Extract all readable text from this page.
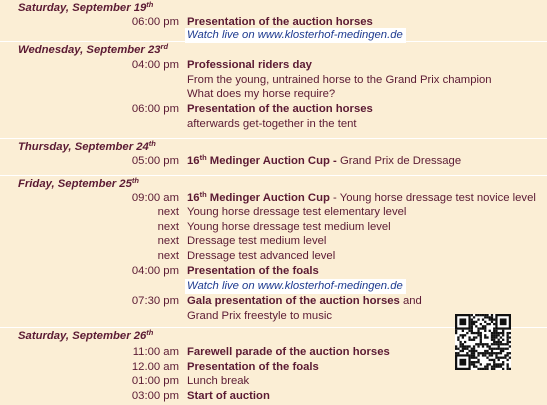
Saturday, September 19th
06:00 pm Presentation of the auction horses
Watch live on www.klosterhof-medingen.de
Wednesday, September 23rd
04:00 pm Professional riders day
From the young, untrained horse to the Grand Prix champion
What does my horse require?
06:00 pm Presentation of the auction horses
afterwards get-together in the tent
Thursday, September 24th
05:00 pm 16th Medinger Auction Cup - Grand Prix de Dressage
Friday, September 25th
09:00 am 16th Medinger Auction Cup - Young horse dressage test novice level
next Young horse dressage test elementary level
next Young horse dressage test medium level
next Dressage test medium level
next Dressage test advanced level
04:00 pm Presentation of the foals
Watch live on www.klosterhof-medingen.de
07:30 pm Gala presentation of the auction horses and
Grand Prix freestyle to music
Saturday, September 26th
11:00 am Farewell parade of the auction horses
12.00 am Presentation of the foals
01:00 pm Lunch break
03:00 pm Start of auction
